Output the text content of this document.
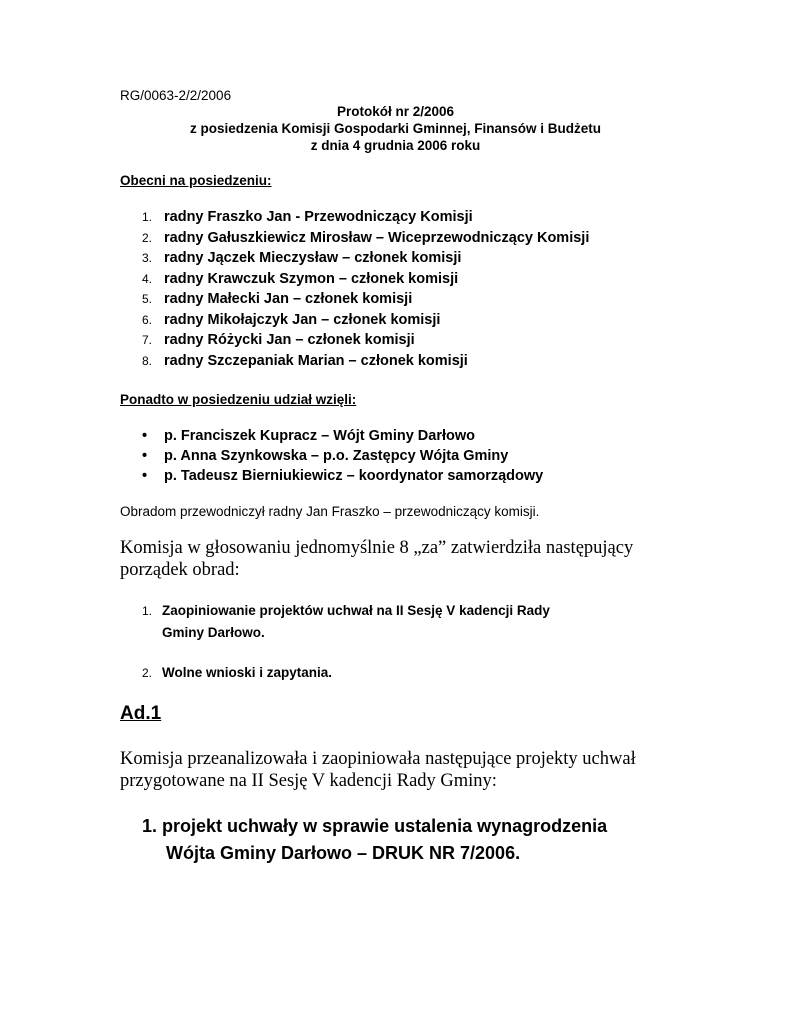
RG/0063-2/2/2006
Protokół nr 2/2006
z posiedzenia Komisji Gospodarki Gminnej, Finansów i Budżetu
z dnia 4 grudnia 2006 roku
Obecni na posiedzeniu:
1. radny Fraszko Jan - Przewodniczący Komisji
2. radny Gałuszkiewicz Mirosław – Wiceprzewodniczący Komisji
3. radny Jączek Mieczysław – członek komisji
4. radny Krawczuk Szymon – członek komisji
5. radny Małecki Jan – członek komisji
6. radny Mikołajczyk Jan – członek komisji
7. radny Różycki Jan – członek komisji
8. radny Szczepaniak Marian – członek komisji
Ponadto w posiedzeniu udział wzięli:
• p. Franciszek Kupracz – Wójt Gminy Darłowo
• p. Anna Szynkowska – p.o. Zastępcy Wójta Gminy
• p. Tadeusz Bierniukiewicz – koordynator samorządowy
Obradom przewodniczył radny Jan Fraszko – przewodniczący komisji.
Komisja w głosowaniu jednomyślnie 8 „za” zatwierdziła następujący
porządek obrad:
1. Zaopiniowanie projektów uchwał na II Sesję V kadencji Rady
Gminy Darłowo.
2. Wolne wnioski i zapytania.
Ad.1
Komisja przeanalizowała i zaopiniowała następujące projekty uchwał
przygotowane na II Sesję V kadencji Rady Gminy:
1. projekt uchwały w sprawie ustalenia wynagrodzenia
Wójta Gminy Darłowo – DRUK NR 7/2006.
